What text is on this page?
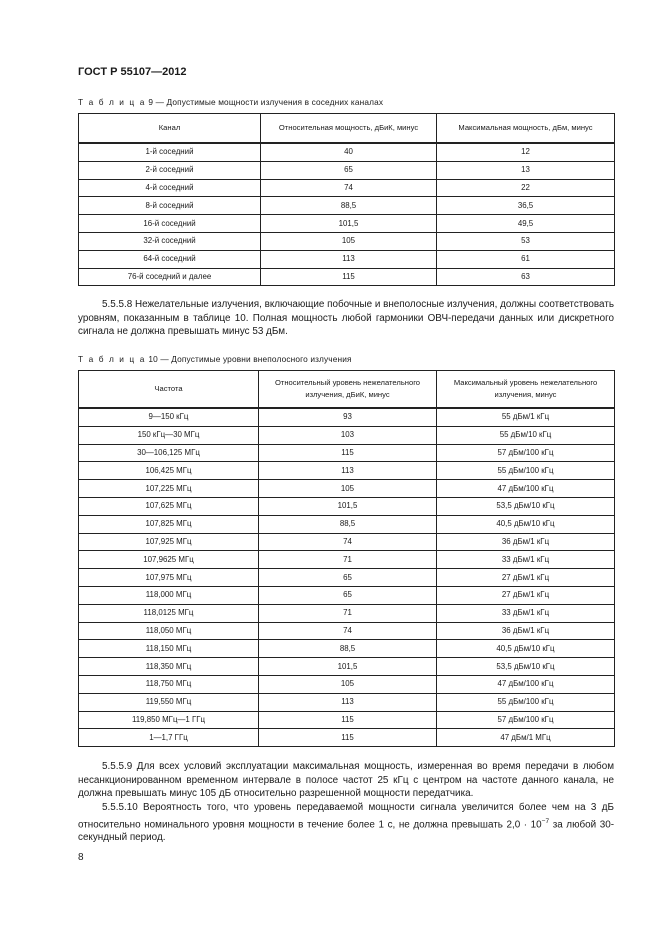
ГОСТ Р 55107—2012
Т а б л и ц а 9 — Допустимые мощности излучения в соседних каналах
Канал	Относительная мощность, дБиК, минус	Максимальная мощность, дБм, минус
1-й соседний	40	12
2-й соседний	65	13
4-й соседний	74	22
8-й соседний	88,5	36,5
16-й соседний	101,5	49,5
32-й соседний	105	53
64-й соседний	113	61
76-й соседний и далее	115	63

5.5.5.8 Нежелательные излучения, включающие побочные и внеполосные излучения, должны соответствовать уровням, показанным в таблице 10. Полная мощность любой гармоники ОВЧ-передачи данных или дискретного сигнала не должна превышать минус 53 дБм.

Т а б л и ц а 10 — Допустимые уровни внеполосного излучения
Частота	Относительный уровень нежелательного излучения, дБиК, минус	Максимальный уровень нежелательного излучения, минус
9—150 кГц	93	55 дБм/1 кГц
150 кГц—30 МГц	103	55 дБм/10 кГц
30—106,125 МГц	115	57 дБм/100 кГц
106,425 МГц	113	55 дБм/100 кГц
107,225 МГц	105	47 дБм/100 кГц
107,625 МГц	101,5	53,5 дБм/10 кГц
107,825 МГц	88,5	40,5 дБм/10 кГц
107,925 МГц	74	36 дБм/1 кГц
107,9625 МГц	71	33 дБм/1 кГц
107,975 МГц	65	27 дБм/1 кГц
118,000 МГц	65	27 дБм/1 кГц
118,0125 МГц	71	33 дБм/1 кГц
118,050 МГц	74	36 дБм/1 кГц
118,150 МГц	88,5	40,5 дБм/10 кГц
118,350 МГц	101,5	53,5 дБм/10 кГц
118,750 МГц	105	47 дБм/100 кГц
119,550 МГц	113	55 дБм/100 кГц
119,850 МГц—1 ГГц	115	57 дБм/100 кГц
1—1,7 ГГц	115	47 дБм/1 МГц

5.5.5.9 Для всех условий эксплуатации максимальная мощность, измеренная во время передачи в любом несанкционированном временном интервале в полосе частот 25 кГц с центром на частоте данного канала, не должна превышать минус 105 дБ относительно разрешенной мощности передатчика.

5.5.5.10 Вероятность того, что уровень передаваемой мощности сигнала увеличится более чем на 3 дБ относительно номинального уровня мощности в течение более 1 с, не должна превышать $2,0 \cdot 10^{-7}$ за любой 30-секундный период.

8
